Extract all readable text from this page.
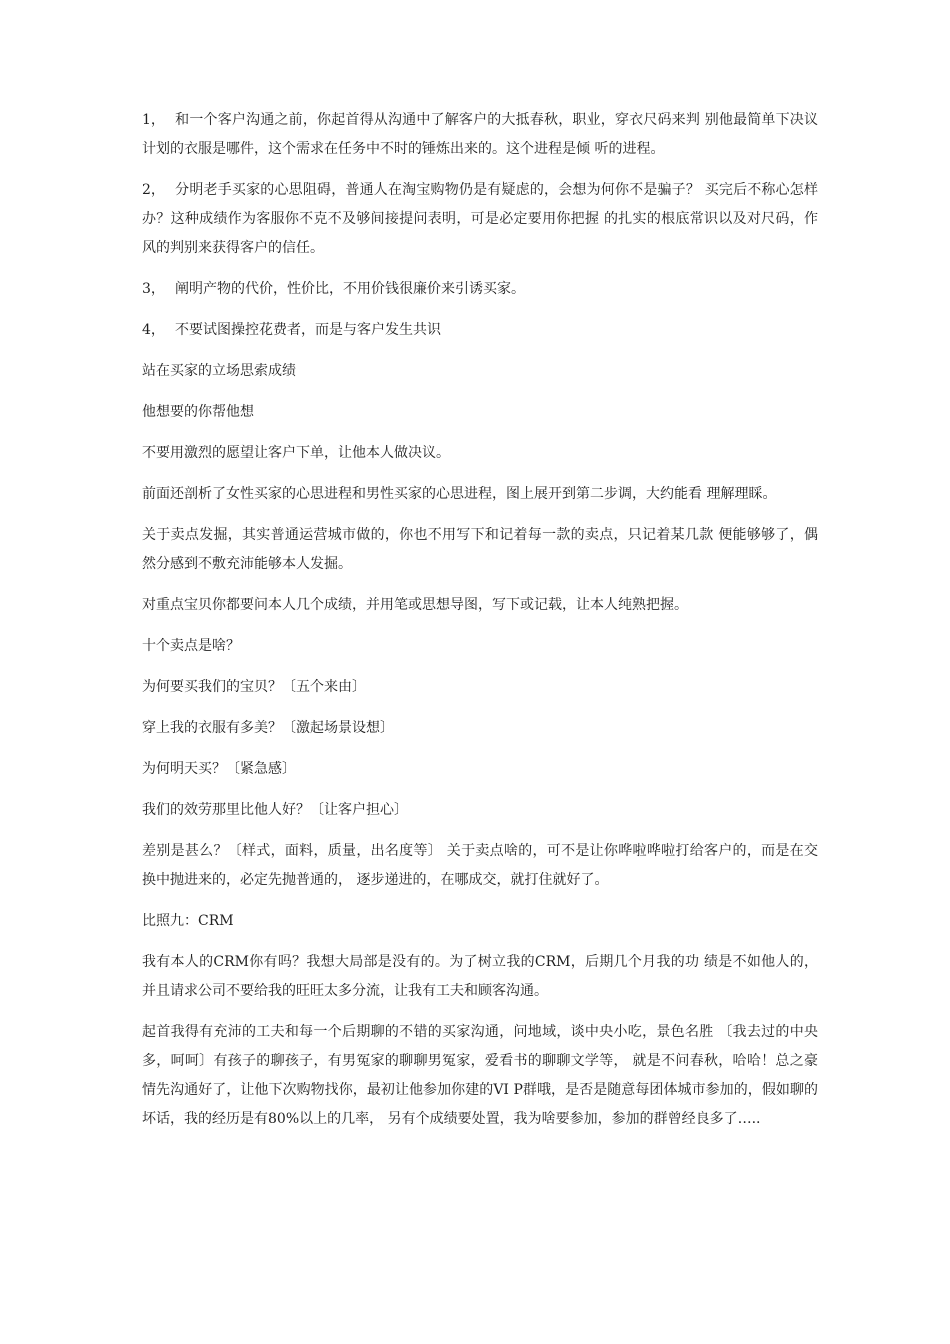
1， 和一个客户沟通之前，你起首得从沟通中了解客户的大抵春秋，职业，穿衣尺码来判 别他最简单下决议计划的衣服是哪件，这个需求在任务中不时的锤炼出来的。这个进程是倾 听的进程。

2， 分明老手买家的心思阻碍，普通人在淘宝购物仍是有疑虑的，会想为何你不是骗子？ 买完后不称心怎样办？这种成绩作为客服你不克不及够间接提问表明，可是必定要用你把握 的扎实的根底常识以及对尺码，作风的判别来获得客户的信任。

3， 阐明产物的代价，性价比，不用价钱很廉价来引诱买家。

4， 不要试图操控花费者，而是与客户发生共识

站在买家的立场思索成绩

他想要的你帮他想

不要用激烈的愿望让客户下单，让他本人做决议。

前面还剖析了女性买家的心思进程和男性买家的心思进程，图上展开到第二步调，大约能看 理解理睬。

关于卖点发掘，其实普通运营城市做的，你也不用写下和记着每一款的卖点，只记着某几款 便能够够了，偶然分感到不敷充沛能够本人发掘。

对重点宝贝你都要问本人几个成绩，并用笔或思想导图，写下或记载，让本人纯熟把握。

十个卖点是啥？

为何要买我们的宝贝？〔五个来由〕

穿上我的衣服有多美？〔激起场景设想〕

为何明天买？〔紧急感〕

我们的效劳那里比他人好？〔让客户担心〕

差别是甚么？〔样式，面料，质量，出名度等〕 关于卖点啥的，可不是让你哗啦哗啦打给客户的，而是在交换中抛进来的，必定先抛普通的， 逐步递进的，在哪成交，就打住就好了。

比照九：CRM

我有本人的CRM你有吗？我想大局部是没有的。为了树立我的CRM，后期几个月我的功 绩是不如他人的，并且请求公司不要给我的旺旺太多分流，让我有工夫和顾客沟通。

起首我得有充沛的工夫和每一个后期聊的不错的买家沟通，问地域，谈中央小吃，景色名胜 〔我去过的中央多，呵呵〕有孩子的聊孩子，有男冤家的聊聊男冤家，爱看书的聊聊文学等， 就是不问春秋，哈哈！总之豪情先沟通好了，让他下次购物找你，最初让他参加你建的VI P群哦，是否是随意每团体城市参加的，假如聊的坏话，我的经历是有80%以上的几率， 另有个成绩要处置，我为啥要参加，参加的群曾经良多了…..
